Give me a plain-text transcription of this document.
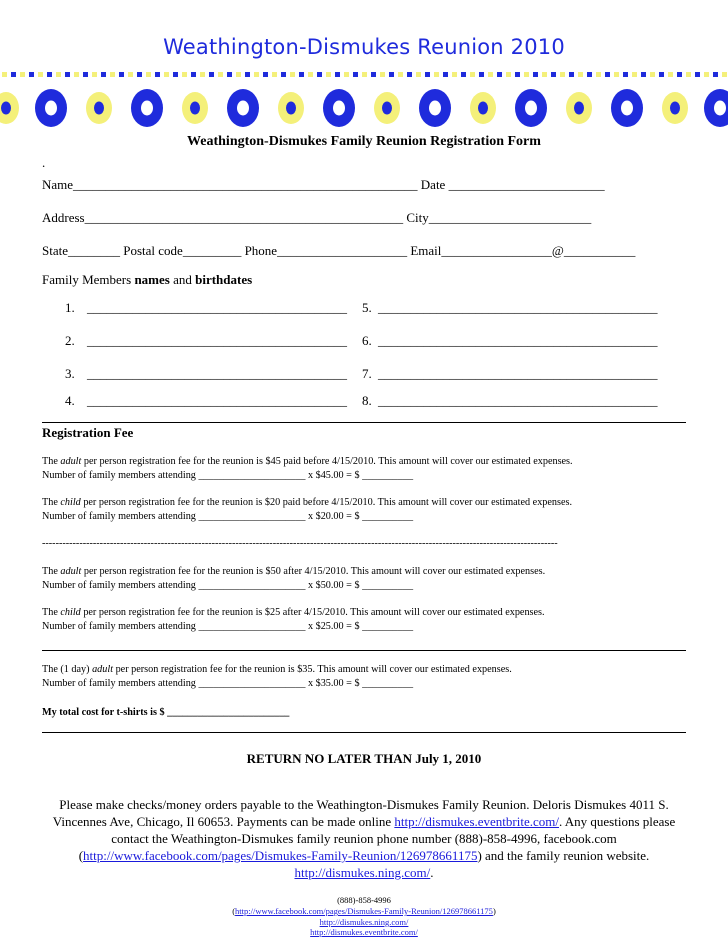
Weathington-Dismukes Reunion 2010
Weathington-Dismukes Family Reunion Registration Form
.
Name_____________________________________________________ Date ________________________
Address_________________________________________________ City_________________________
State________ Postal code_________ Phone____________________ Email_________________@___________
Family Members names and birthdates
1. ________________________________________ 5. ___________________________________________
2. ________________________________________ 6. ___________________________________________
3. ________________________________________ 7. ___________________________________________
4. ________________________________________ 8. ___________________________________________
Registration Fee
The adult per person registration fee for the reunion is $45 paid before 4/15/2010. This amount will cover our estimated expenses.
Number of family members attending _____________________ x $45.00 = $ __________
The child per person registration fee for the reunion is $20 paid before 4/15/2010. This amount will cover our estimated expenses.
Number of family members attending _____________________ x $20.00 = $ __________
--------------------------------------------------------------------------------------------------------------------------------------------------------
The adult per person registration fee for the reunion is $50 after 4/15/2010. This amount will cover our estimated expenses.
Number of family members attending _____________________ x $50.00 = $ __________
The child per person registration fee for the reunion is $25 after 4/15/2010. This amount will cover our estimated expenses.
Number of family members attending _____________________ x $25.00 = $ __________
The (1 day) adult per person registration fee for the reunion is $35. This amount will cover our estimated expenses.
Number of family members attending _____________________ x $35.00 = $ __________
My total cost for t-shirts is $ ________________________
RETURN NO LATER THAN July 1, 2010
Please make checks/money orders payable to the Weathington-Dismukes Family Reunion. Deloris Dismukes 4011 S. Vincennes Ave, Chicago, Il 60653. Payments can be made online http://dismukes.eventbrite.com/. Any questions please contact the Weathington-Dismukes family reunion phone number (888)-858-4996, facebook.com (http://www.facebook.com/pages/Dismukes-Family-Reunion/126978661175) and the family reunion website. http://dismukes.ning.com/.
(888)-858-4996
(http://www.facebook.com/pages/Dismukes-Family-Reunion/126978661175)
http://dismukes.ning.com/
http://dismukes.eventbrite.com/
